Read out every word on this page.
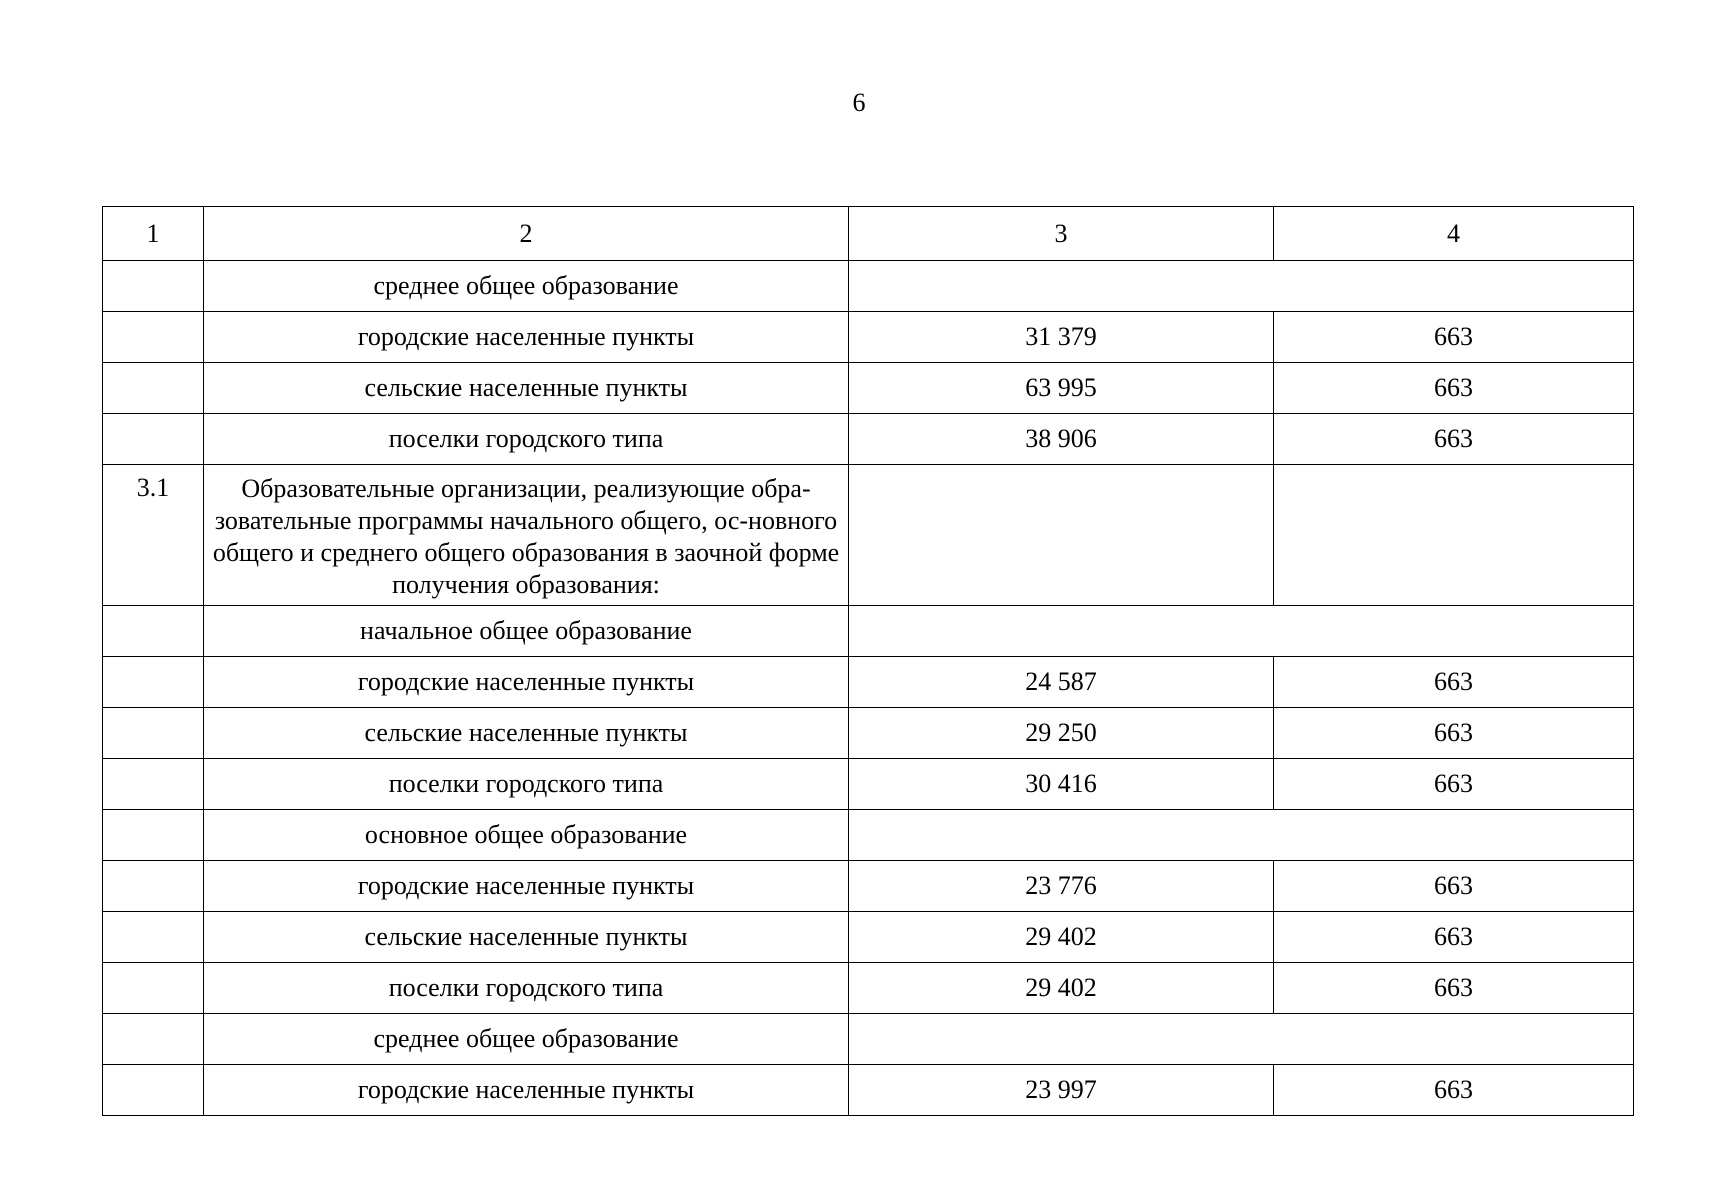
6
1	2	3	4
	среднее общее образование		
	городские населенные пункты	31 379	663
	сельские населенные пункты	63 995	663
	поселки городского типа	38 906	663
3.1	Образовательные организации, реализующие обра-зовательные программы начального общего, ос-новного общего и среднего общего образования в заочной форме получения образования:		
	начальное общее образование		
	городские населенные пункты	24 587	663
	сельские населенные пункты	29 250	663
	поселки городского типа	30 416	663
	основное общее образование		
	городские населенные пункты	23 776	663
	сельские населенные пункты	29 402	663
	поселки городского типа	29 402	663
	среднее общее образование		
	городские населенные пункты	23 997	663
